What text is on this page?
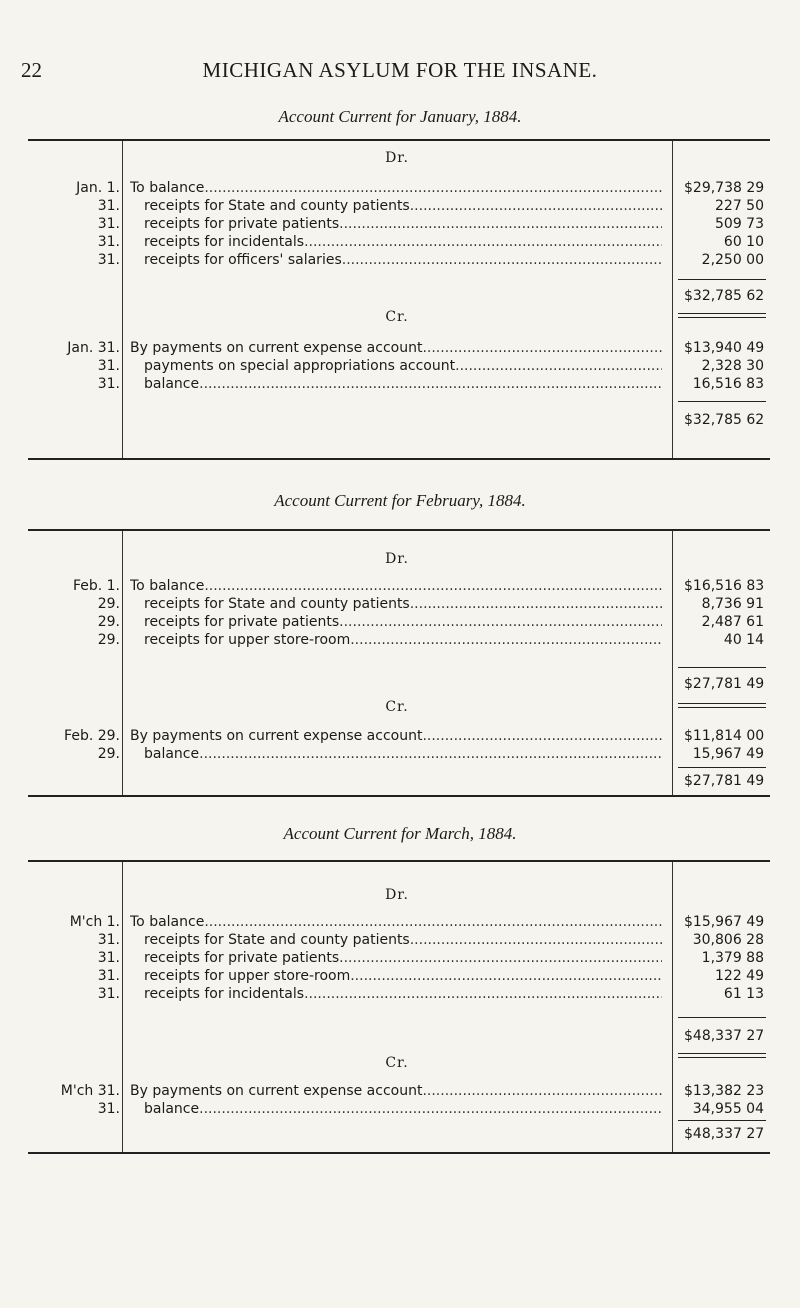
22	MICHIGAN ASYLUM FOR THE INSANE.
Account Current for January, 1884.
Dr.
Jan. 1. To balance .....	$29,738 29
31. receipts for State and county patients .....	227 50
31. receipts for private patients .....	509 73
31. receipts for incidentals .....	60 10
31. receipts for officers' salaries .....	2,250 00
$32,785 62
Cr.
Jan. 31. By payments on current expense account .....	$13,940 49
31. payments on special appropriations account .....	2,328 30
31. balance .....	16,516 83
$32,785 62
Account Current for February, 1884.
Dr.
Feb. 1. To balance .....	$16,516 83
29. receipts for State and county patients .....	8,736 91
29. receipts for private patients .....	2,487 61
29. receipts for upper store-room .....	40 14
$27,781 49
Cr.
Feb. 29. By payments on current expense account .....	$11,814 00
29. balance .....	15,967 49
$27,781 49
Account Current for March, 1884.
Dr.
M'ch 1. To balance .....	$15,967 49
31. receipts for State and county patients .....	30,806 28
31. receipts for private patients .....	1,379 88
31. receipts for upper store-room .....	122 49
31. receipts for incidentals .....	61 13
$48,337 27
Cr.
M'ch 31. By payments on current expense account .....	$13,382 23
31. balance .....	34,955 04
$48,337 27
